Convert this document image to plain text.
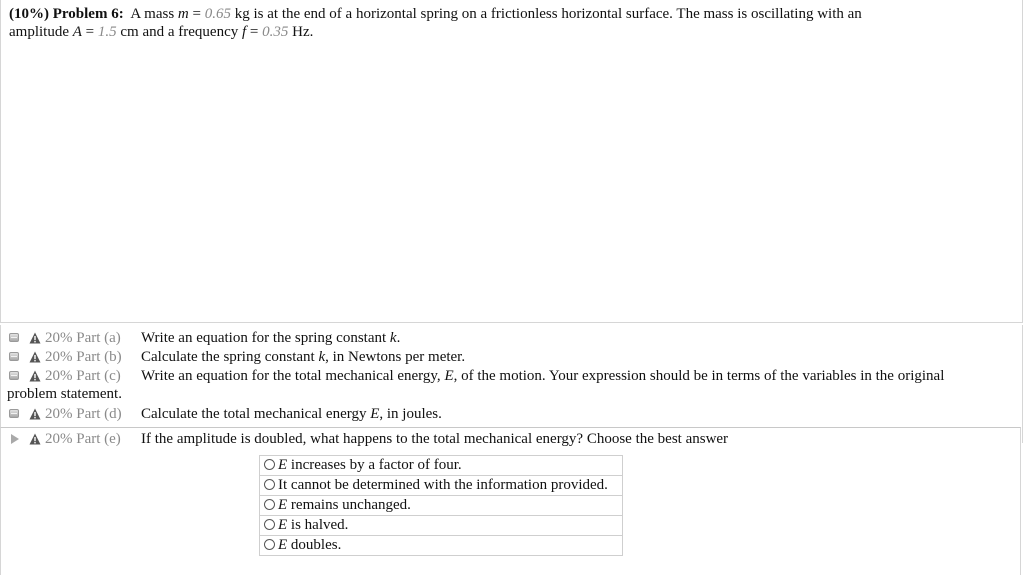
(10%) Problem 6: A mass m = 0.65 kg is at the end of a horizontal spring on a frictionless horizontal surface. The mass is oscillating with an
amplitude A = 1.5 cm and a frequency f = 0.35 Hz.
20% Part (a) Write an equation for the spring constant k.
20% Part (b) Calculate the spring constant k, in Newtons per meter.
20% Part (c) Write an equation for the total mechanical energy, E, of the motion. Your expression should be in terms of the variables in the original
problem statement.
20% Part (d) Calculate the total mechanical energy E, in joules.
20% Part (e) If the amplitude is doubled, what happens to the total mechanical energy? Choose the best answer
E increases by a factor of four.
It cannot be determined with the information provided.
E remains unchanged.
E is halved.
E doubles.
